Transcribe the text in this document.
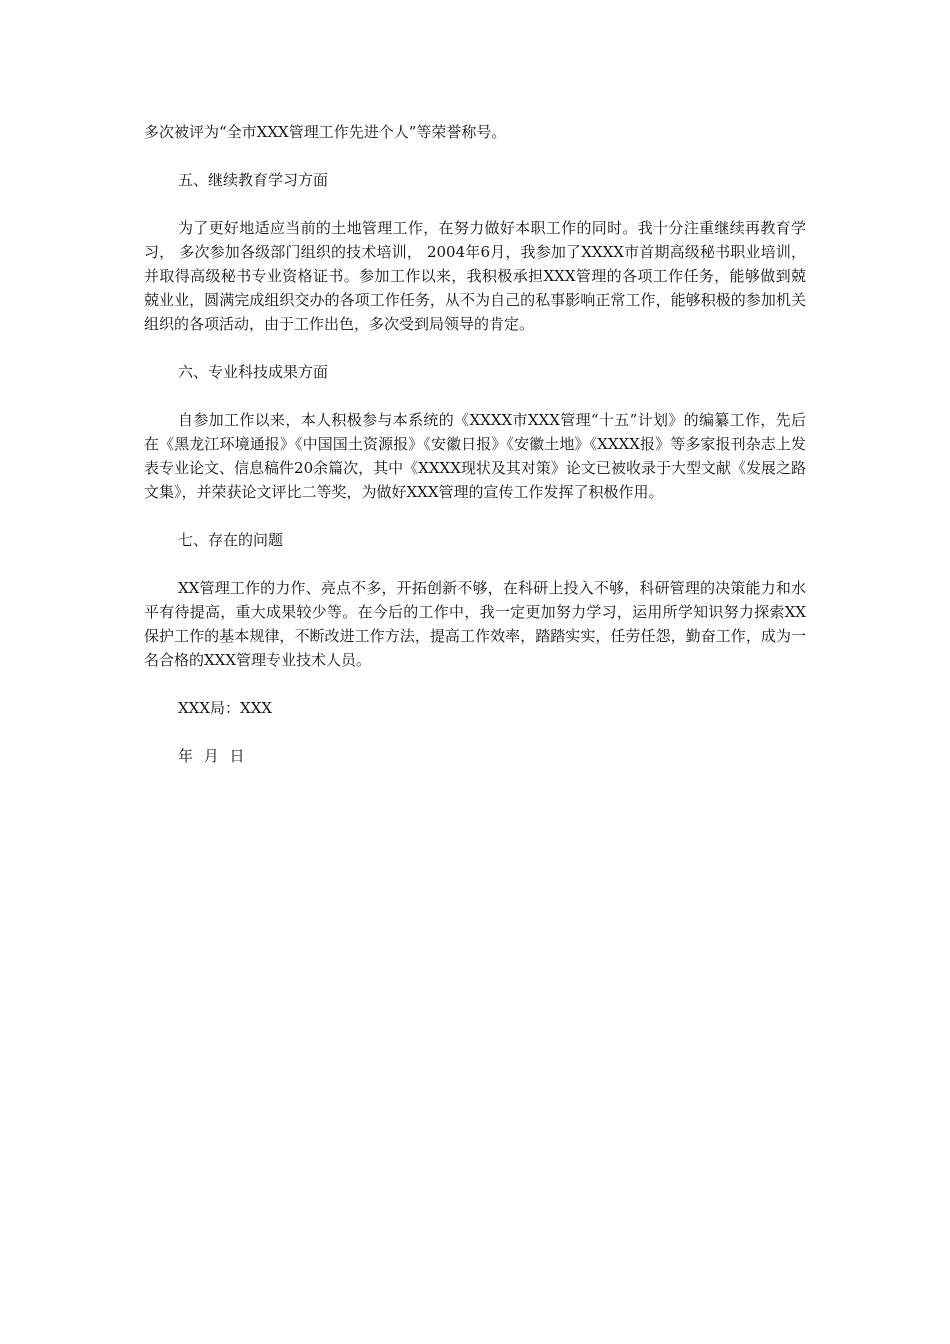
多次被评为“全市XXX管理工作先进个人”等荣誉称号。

五、继续教育学习方面

为了更好地适应当前的土地管理工作，在努力做好本职工作的同时。我十分注重继续再教育学习， 多次参加各级部门组织的技术培训， 2004年6月，我参加了XXXX市首期高级秘书职业培训，并取得高级秘书专业资格证书。参加工作以来，我积极承担XXX管理的各项工作任务，能够做到兢兢业业，圆满完成组织交办的各项工作任务，从不为自己的私事影响正常工作，能够积极的参加机关组织的各项活动，由于工作出色，多次受到局领导的肯定。

六、专业科技成果方面

自参加工作以来，本人积极参与本系统的《XXXX市XXX管理“十五”计划》的编纂工作，先后在《黑龙江环境通报》《中国国土资源报》《安徽日报》《安徽土地》《XXXX报》等多家报刊杂志上发表专业论文、信息稿件20余篇次，其中《XXXX现状及其对策》论文已被收录于大型文献《发展之路文集》，并荣获论文评比二等奖，为做好XXX管理的宣传工作发挥了积极作用。

七、存在的问题

XX管理工作的力作、亮点不多，开拓创新不够，在科研上投入不够，科研管理的决策能力和水平有待提高，重大成果较少等。在今后的工作中，我一定更加努力学习，运用所学知识努力探索XX保护工作的基本规律，不断改进工作方法，提高工作效率，踏踏实实，任劳任怨，勤奋工作，成为一名合格的XXX管理专业技术人员。

XXX局：XXX

年 月 日
